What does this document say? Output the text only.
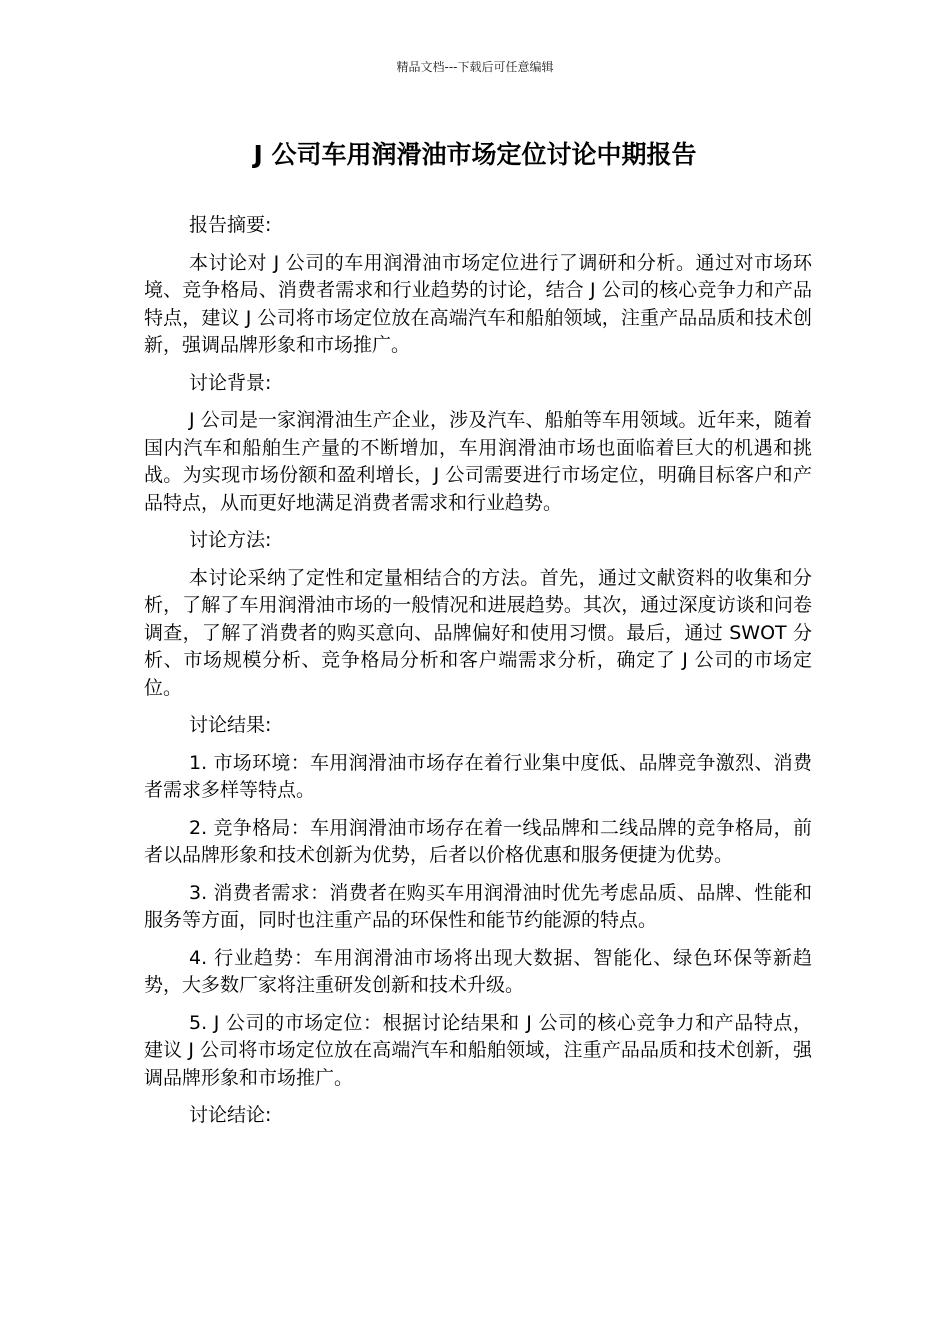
精品文档---下载后可任意编辑
J 公司车用润滑油市场定位讨论中期报告

报告摘要:

本讨论对 J 公司的车用润滑油市场定位进行了调研和分析。通过对市场环境、竞争格局、消费者需求和行业趋势的讨论，结合 J 公司的核心竞争力和产品特点，建议 J 公司将市场定位放在高端汽车和船舶领域，注重产品品质和技术创新，强调品牌形象和市场推广。

讨论背景:

J 公司是一家润滑油生产企业，涉及汽车、船舶等车用领域。近年来，随着国内汽车和船舶生产量的不断增加，车用润滑油市场也面临着巨大的机遇和挑战。为实现市场份额和盈利增长，J 公司需要进行市场定位，明确目标客户和产品特点，从而更好地满足消费者需求和行业趋势。

讨论方法:

本讨论采纳了定性和定量相结合的方法。首先，通过文献资料的收集和分析，了解了车用润滑油市场的一般情况和进展趋势。其次，通过深度访谈和问卷调查，了解了消费者的购买意向、品牌偏好和使用习惯。最后，通过 SWOT 分析、市场规模分析、竞争格局分析和客户端需求分析，确定了 J 公司的市场定位。

讨论结果:

1. 市场环境：车用润滑油市场存在着行业集中度低、品牌竞争激烈、消费者需求多样等特点。

2. 竞争格局：车用润滑油市场存在着一线品牌和二线品牌的竞争格局，前者以品牌形象和技术创新为优势，后者以价格优惠和服务便捷为优势。

3. 消费者需求：消费者在购买车用润滑油时优先考虑品质、品牌、性能和服务等方面，同时也注重产品的环保性和能节约能源的特点。

4. 行业趋势：车用润滑油市场将出现大数据、智能化、绿色环保等新趋势，大多数厂家将注重研发创新和技术升级。

5. J 公司的市场定位：根据讨论结果和 J 公司的核心竞争力和产品特点，建议 J 公司将市场定位放在高端汽车和船舶领域，注重产品品质和技术创新，强调品牌形象和市场推广。

讨论结论:
